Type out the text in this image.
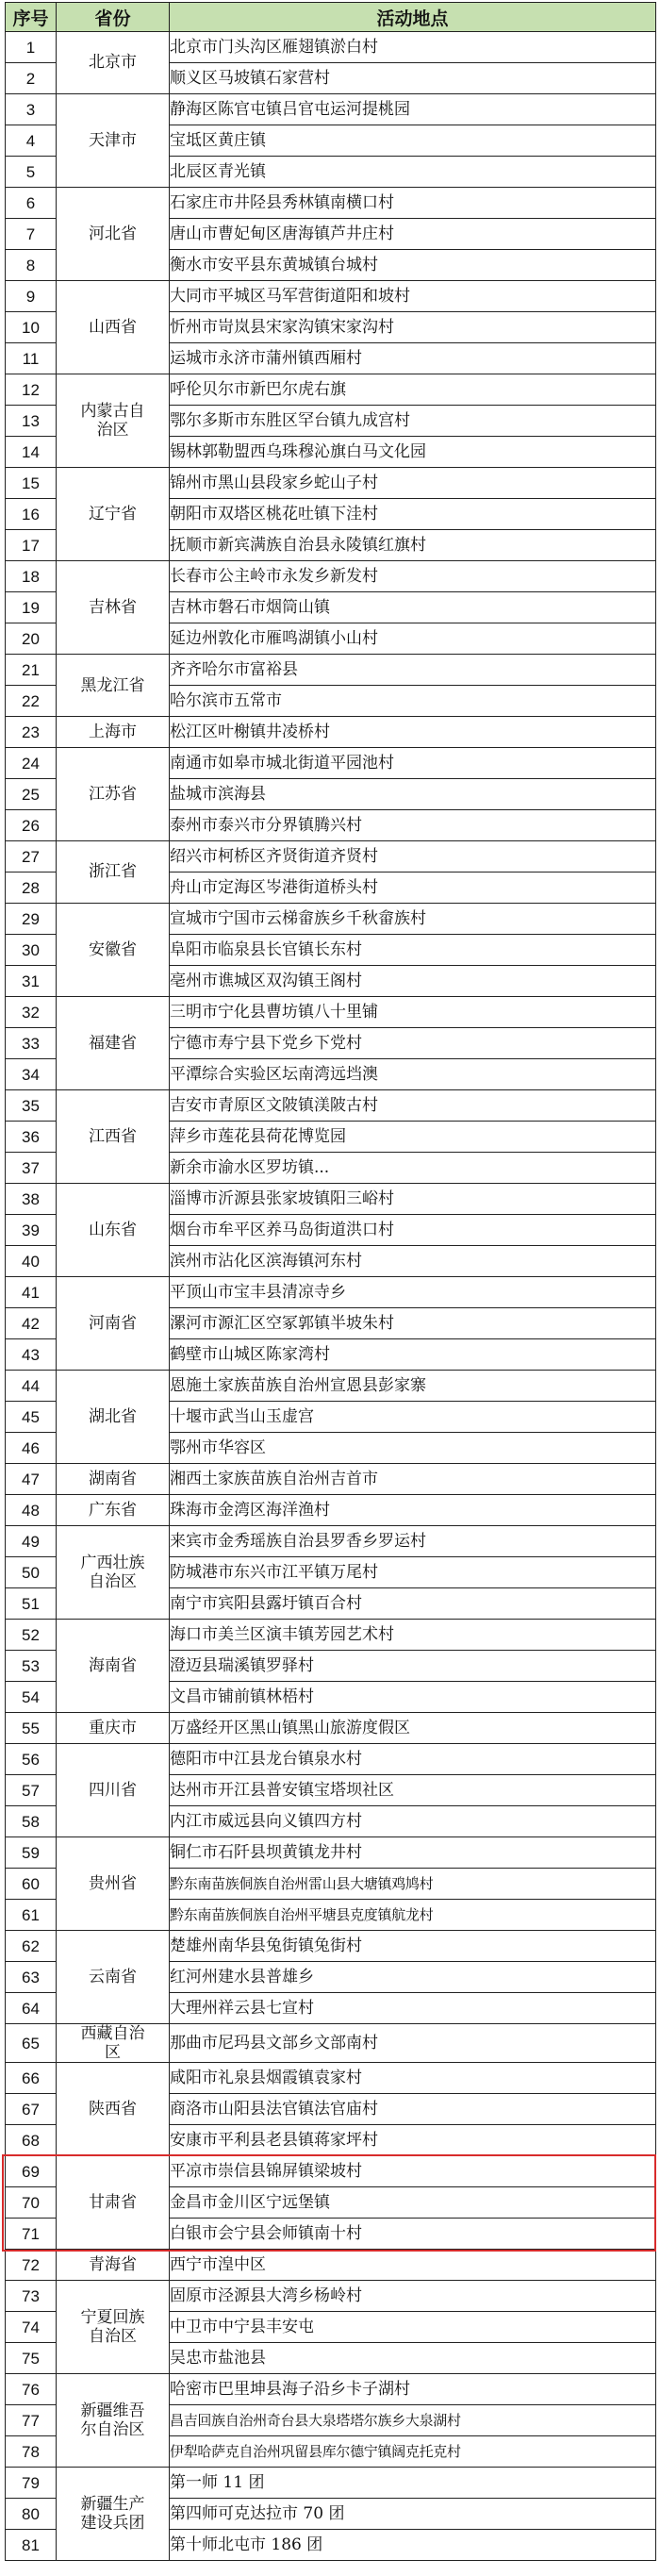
序号	省份	活动地点
1	北京市	北京市门头沟区雁翅镇淤白村
2		顺义区马坡镇石家营村
3	天津市	静海区陈官屯镇吕官屯运河提桃园
4		宝坻区黄庄镇
5		北辰区青光镇
6	河北省	石家庄市井陉县秀林镇南横口村
7		唐山市曹妃甸区唐海镇芦井庄村
8		衡水市安平县东黄城镇台城村
9	山西省	大同市平城区马军营街道阳和坡村
10		忻州市岢岚县宋家沟镇宋家沟村
11		运城市永济市蒲州镇西厢村
12	内蒙古自治区	呼伦贝尔市新巴尔虎右旗
13		鄂尔多斯市东胜区罕台镇九成宫村
14		锡林郭勒盟西乌珠穆沁旗白马文化园
15	辽宁省	锦州市黑山县段家乡蛇山子村
16		朝阳市双塔区桃花吐镇下洼村
17		抚顺市新宾满族自治县永陵镇红旗村
18	吉林省	长春市公主岭市永发乡新发村
19		吉林市磐石市烟筒山镇
20		延边州敦化市雁鸣湖镇小山村
21	黑龙江省	齐齐哈尔市富裕县
22		哈尔滨市五常市
23	上海市	松江区叶榭镇井凌桥村
24	江苏省	南通市如皋市城北街道平园池村
25		盐城市滨海县
26		泰州市泰兴市分界镇腾兴村
27	浙江省	绍兴市柯桥区齐贤街道齐贤村
28		舟山市定海区岑港街道桥头村
29	安徽省	宣城市宁国市云梯畲族乡千秋畲族村
30		阜阳市临泉县长官镇长东村
31		亳州市谯城区双沟镇王阁村
32	福建省	三明市宁化县曹坊镇八十里铺
33		宁德市寿宁县下党乡下党村
34		平潭综合实验区坛南湾远垱澳
35	江西省	吉安市青原区文陂镇渼陂古村
36		萍乡市莲花县荷花博览园
37		新余市渝水区罗坊镇...
38	山东省	淄博市沂源县张家坡镇阳三峪村
39		烟台市牟平区养马岛街道洪口村
40		滨州市沾化区滨海镇河东村
41	河南省	平顶山市宝丰县清凉寺乡
42		漯河市源汇区空冢郭镇半坡朱村
43		鹤壁市山城区陈家湾村
44	湖北省	恩施土家族苗族自治州宣恩县彭家寨
45		十堰市武当山玉虚宫
46		鄂州市华容区
47	湖南省	湘西土家族苗族自治州吉首市
48	广东省	珠海市金湾区海洋渔村
49	广西壮族自治区	来宾市金秀瑶族自治县罗香乡罗运村
50		防城港市东兴市江平镇万尾村
51		南宁市宾阳县露圩镇百合村
52	海南省	海口市美兰区演丰镇芳园艺术村
53		澄迈县瑞溪镇罗驿村
54		文昌市铺前镇林梧村
55	重庆市	万盛经开区黑山镇黑山旅游度假区
56	四川省	德阳市中江县龙台镇泉水村
57		达州市开江县普安镇宝塔坝社区
58		内江市威远县向义镇四方村
59	贵州省	铜仁市石阡县坝黄镇龙井村
60		黔东南苗族侗族自治州雷山县大塘镇鸡鸠村
61		黔东南苗族侗族自治州平塘县克度镇航龙村
62	云南省	楚雄州南华县兔街镇兔街村
63		红河州建水县普雄乡
64		大理州祥云县七宣村
65	西藏自治区	那曲市尼玛县文部乡文部南村
66	陕西省	咸阳市礼泉县烟霞镇袁家村
67		商洛市山阳县法官镇法官庙村
68		安康市平利县老县镇蒋家坪村
69	甘肃省	平凉市崇信县锦屏镇梁坡村
70		金昌市金川区宁远堡镇
71		白银市会宁县会师镇南十村
72	青海省	西宁市湟中区
73	宁夏回族自治区	固原市泾源县大湾乡杨岭村
74		中卫市中宁县丰安屯
75		吴忠市盐池县
76	新疆维吾尔自治区	哈密市巴里坤县海子沿乡卡子湖村
77		昌吉回族自治州奇台县大泉塔塔尔族乡大泉湖村
78		伊犁哈萨克自治州巩留县库尔德宁镇阔克托克村
79	新疆生产建设兵团	第一师 11 团
80		第四师可克达拉市 70 团
81		第十师北屯市 186 团
